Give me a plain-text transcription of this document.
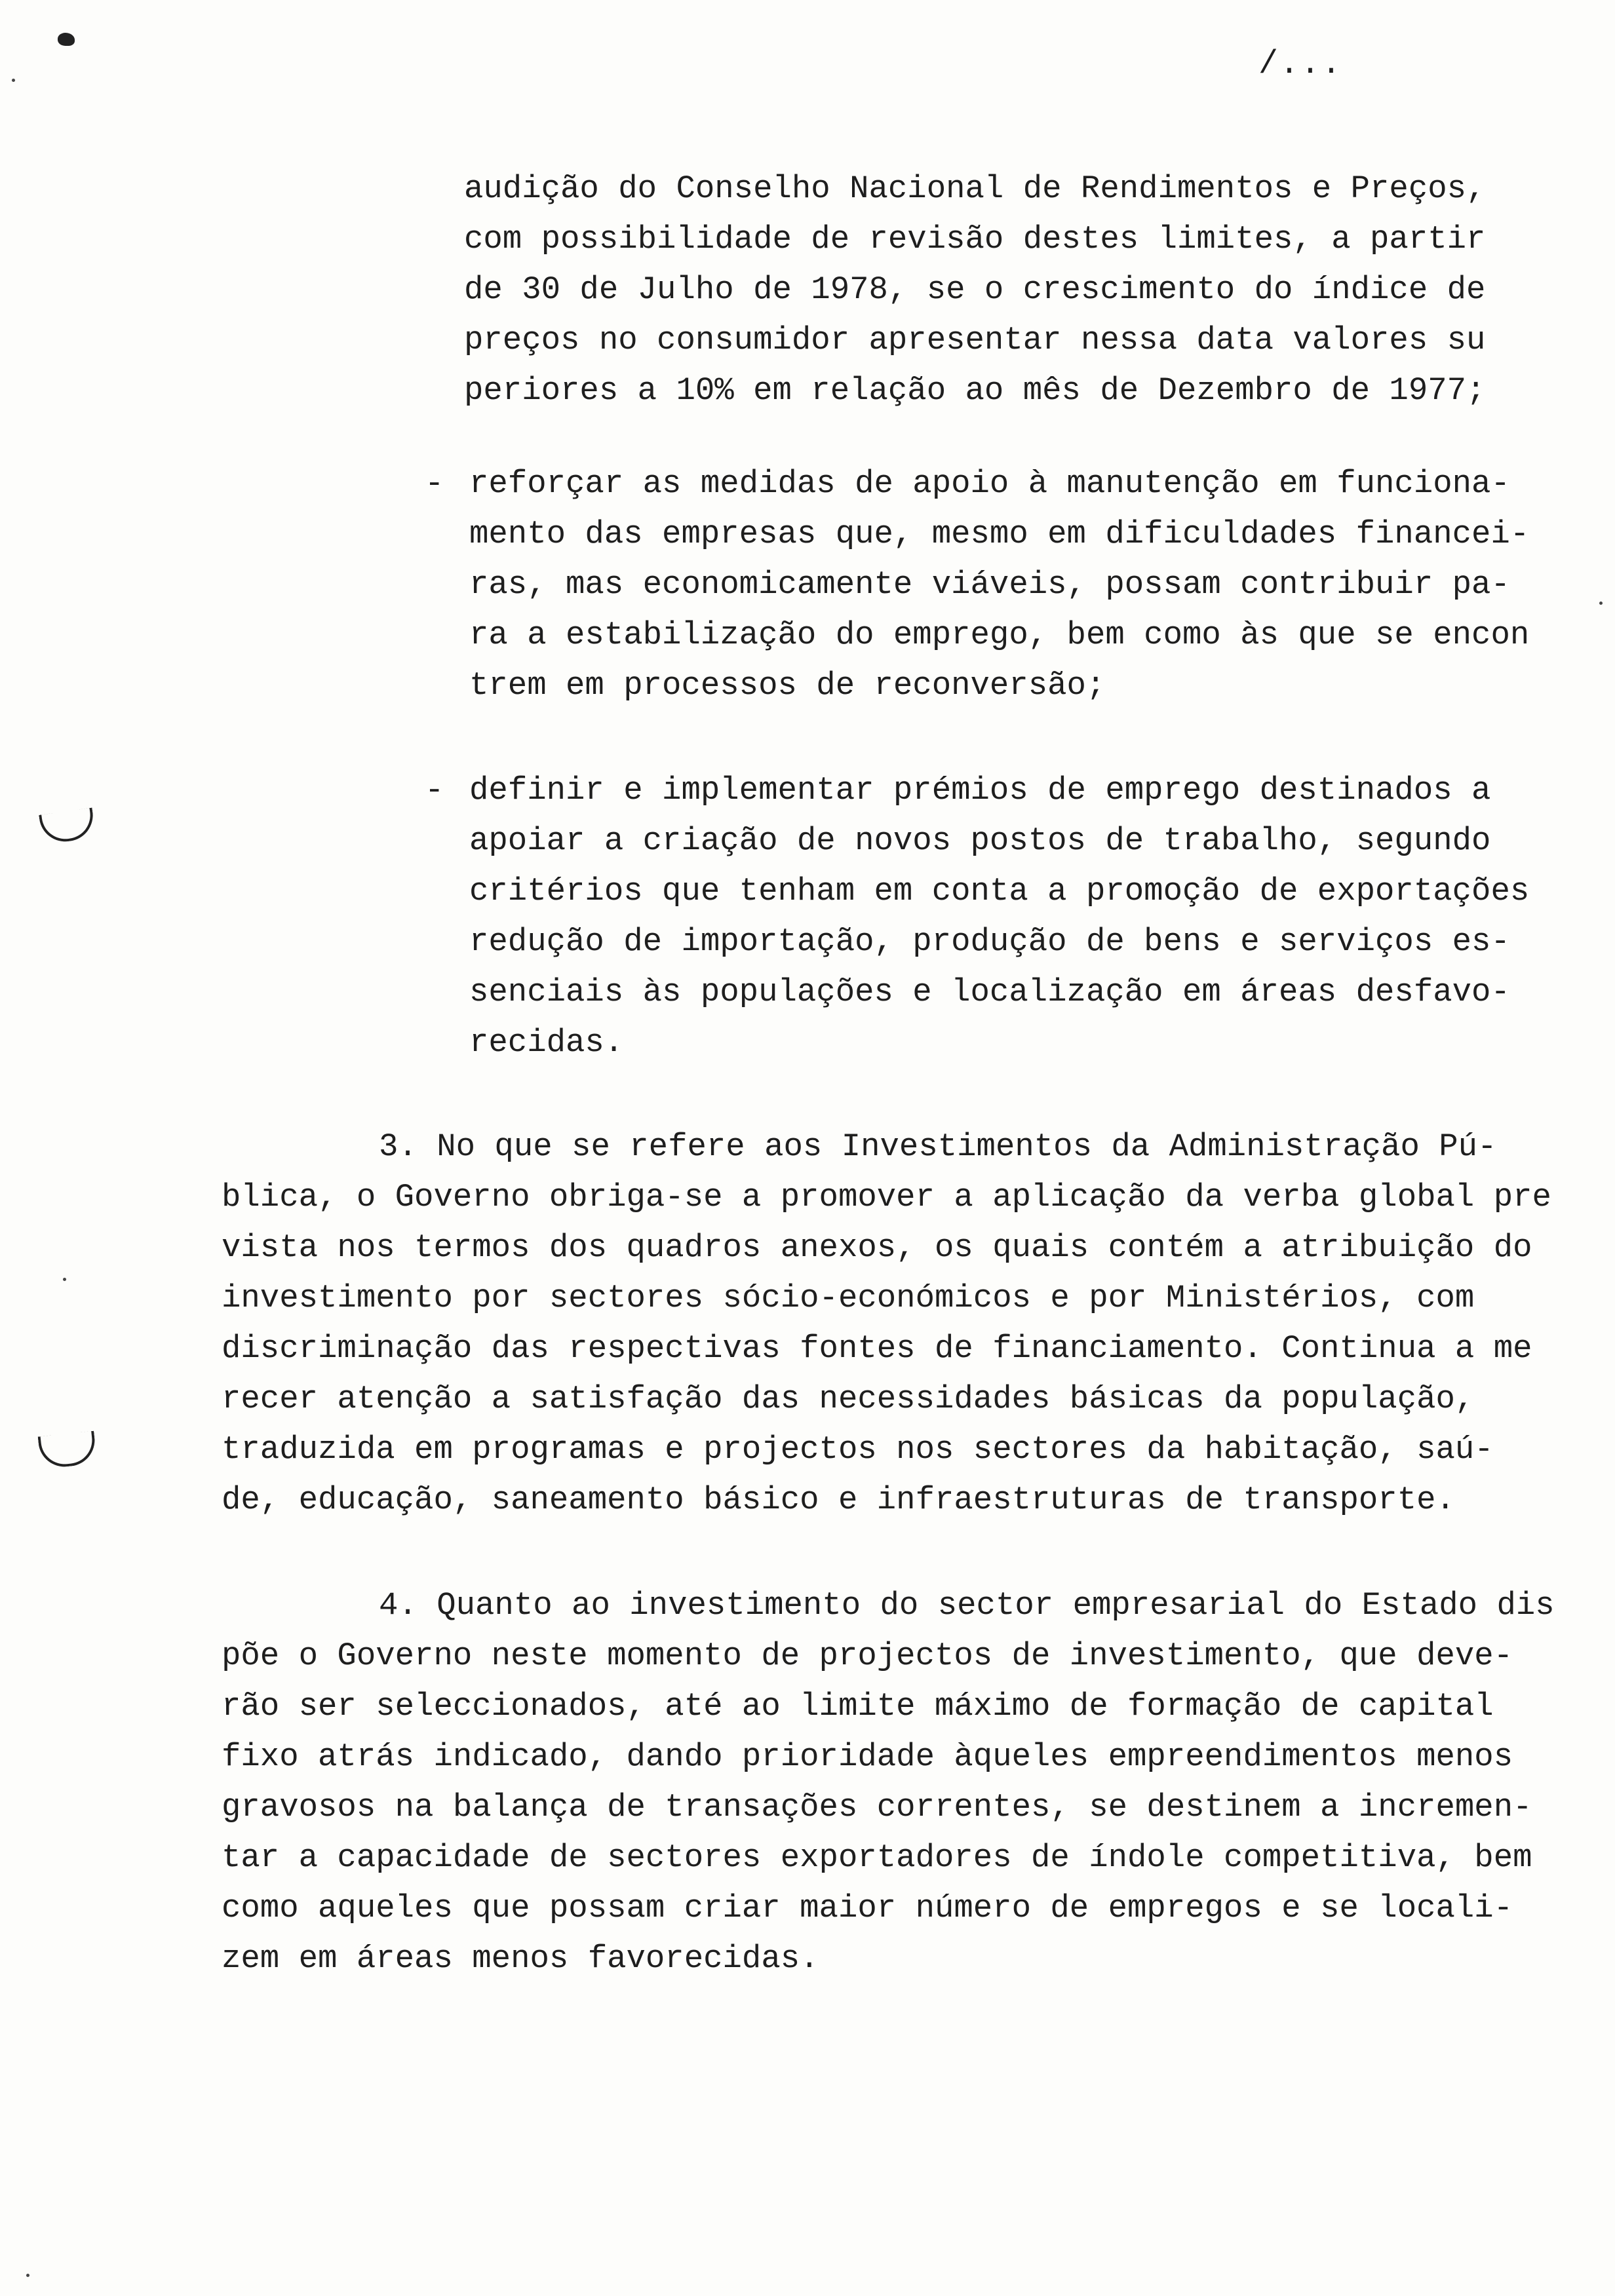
/...
audição do Conselho Nacional de Rendimentos e Preços,
com possibilidade de revisão destes limites, a partir
de 30 de Julho de 1978, se o crescimento do índice de
preços no consumidor apresentar nessa data valores su
periores a 10% em relação ao mês de Dezembro de 1977;
- reforçar as medidas de apoio à manutenção em funciona-
mento das empresas que, mesmo em dificuldades financei-
ras, mas economicamente viáveis, possam contribuir pa-
ra a estabilização do emprego, bem como às que se encon
trem em processos de reconversão;
- definir e implementar prémios de emprego destinados a
apoiar a criação de novos postos de trabalho, segundo
critérios que tenham em conta a promoção de exportações
redução de importação, produção de bens e serviços es-
senciais às populações e localização em áreas desfavo-
recidas.
3. No que se refere aos Investimentos da Administração Pú-
blica, o Governo obriga-se a promover a aplicação da verba global pre
vista nos termos dos quadros anexos, os quais contém a atribuição do
investimento por sectores sócio-económicos e por Ministérios, com
discriminação das respectivas fontes de financiamento. Continua a me
recer atenção a satisfação das necessidades básicas da população,
traduzida em programas e projectos nos sectores da habitação, saú-
de, educação, saneamento básico e infraestruturas de transporte.
4. Quanto ao investimento do sector empresarial do Estado dis
põe o Governo neste momento de projectos de investimento, que deve-
rão ser seleccionados, até ao limite máximo de formação de capital
fixo atrás indicado, dando prioridade àqueles empreendimentos menos
gravosos na balança de transações correntes, se destinem a incremen-
tar a capacidade de sectores exportadores de índole competitiva, bem
como aqueles que possam criar maior número de empregos e se locali-
zem em áreas menos favorecidas.
